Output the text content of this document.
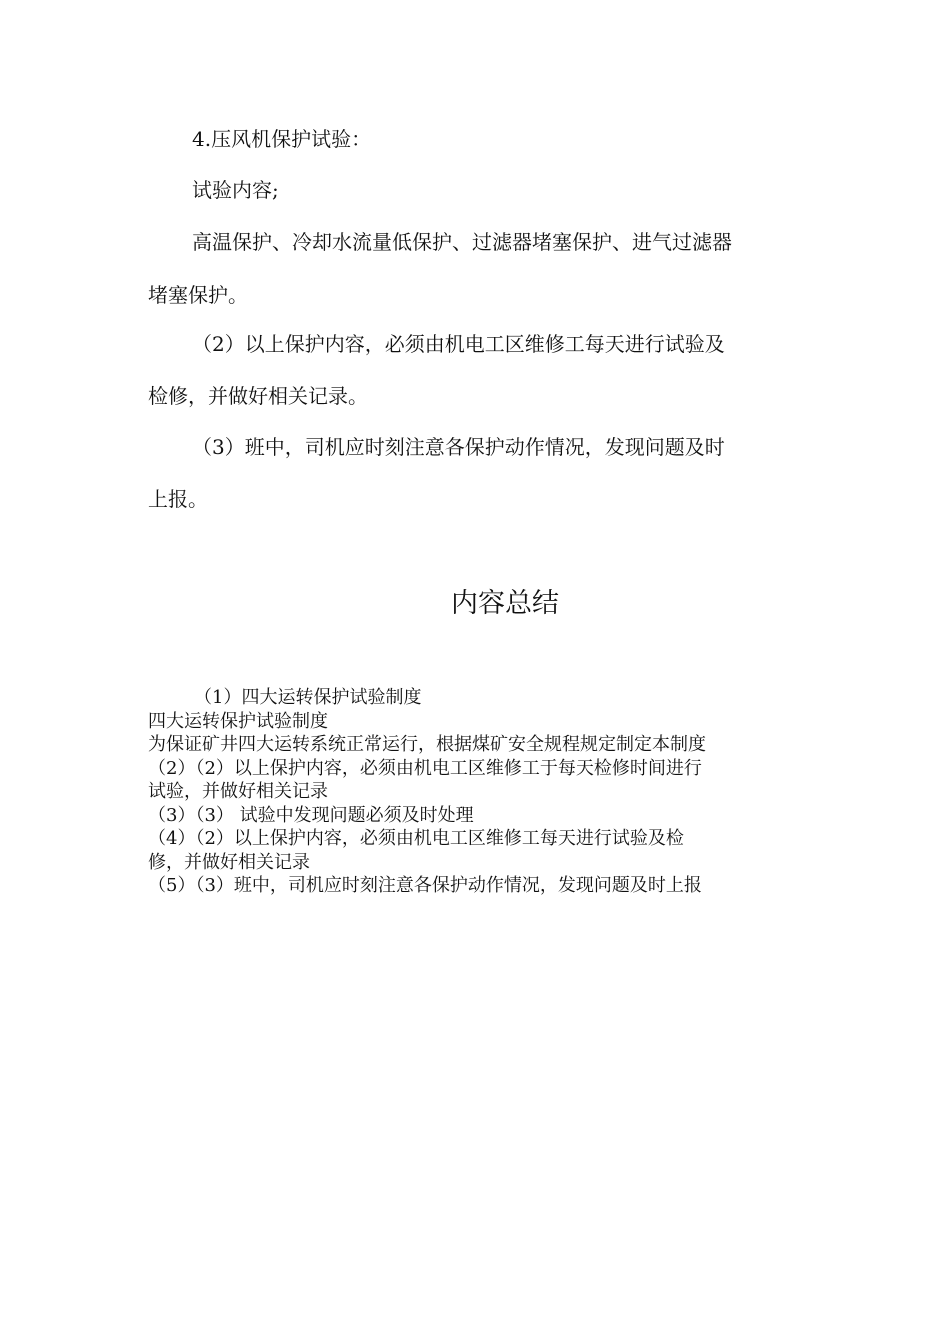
4.压风机保护试验：
试验内容;
高温保护、冷却水流量低保护、过滤器堵塞保护、进气过滤器
堵塞保护。
（2）以上保护内容，必须由机电工区维修工每天进行试验及
检修，并做好相关记录。
（3）班中，司机应时刻注意各保护动作情况，发现问题及时
上报。
内容总结
（1）四大运转保护试验制度
四大运转保护试验制度
为保证矿井四大运转系统正常运行，根据煤矿安全规程规定制定本制度
（2）（2）以上保护内容，必须由机电工区维修工于每天检修时间进行
试验，并做好相关记录
（3）（3） 试验中发现问题必须及时处理
（4）（2）以上保护内容，必须由机电工区维修工每天进行试验及检
修，并做好相关记录
（5）（3）班中，司机应时刻注意各保护动作情况，发现问题及时上报
